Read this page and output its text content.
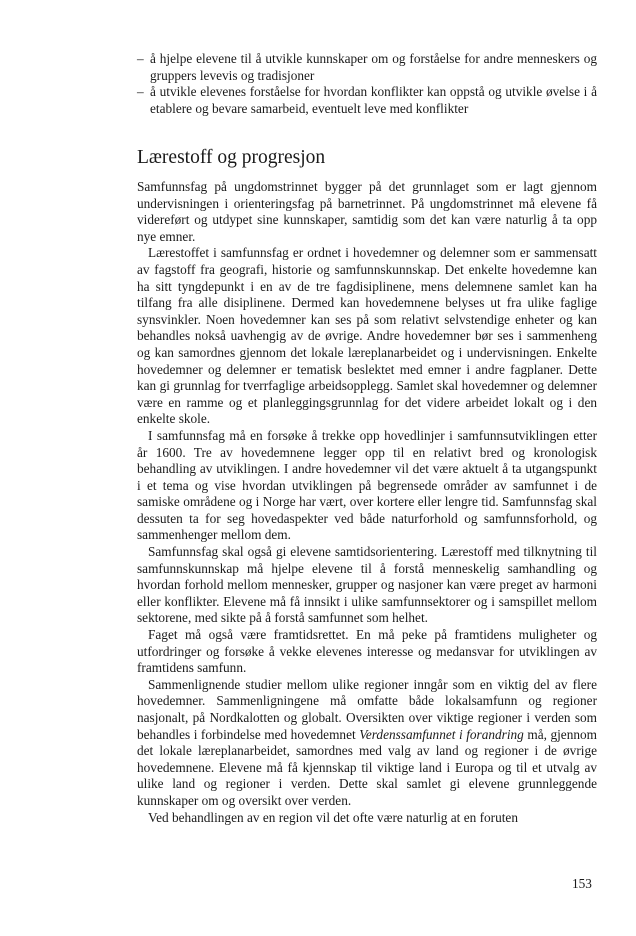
– å hjelpe elevene til å utvikle kunnskaper om og forståelse for andre menneskers og gruppers levevis og tradisjoner
– å utvikle elevenes forståelse for hvordan konflikter kan oppstå og utvikle øvelse i å etablere og bevare samarbeid, eventuelt leve med konflikter
Lærestoff og progresjon

Samfunnsfag på ungdomstrinnet bygger på det grunnlaget som er lagt gjennom undervisningen i orienteringsfag på barnetrinnet. På ungdomstrinnet må elevene få videreført og utdypet sine kunnskaper, samtidig som det kan være naturlig å ta opp nye emner.

Lærestoffet i samfunnsfag er ordnet i hovedemner og delemner som er sammensatt av fagstoff fra geografi, historie og samfunnskunnskap. Det enkelte hovedemne kan ha sitt tyngdepunkt i en av de tre fagdisiplinene, mens delemnene samlet kan ha tilfang fra alle disiplinene. Dermed kan hovedemnene belyses ut fra ulike faglige synsvinkler. Noen hovedemner kan ses på som relativt selvstendige enheter og kan behandles nokså uavhengig av de øvrige. Andre hovedemner bør ses i sammenheng og kan samordnes gjennom det lokale læreplanarbeidet og i undervisningen. Enkelte hovedemner og delemner er tematisk beslektet med emner i andre fagplaner. Dette kan gi grunnlag for tverrfaglige arbeidsopplegg. Samlet skal hovedemner og delemner være en ramme og et planleggingsgrunnlag for det videre arbeidet lokalt og i den enkelte skole.

I samfunnsfag må en forsøke å trekke opp hovedlinjer i samfunnsutviklingen etter år 1600. Tre av hovedemnene legger opp til en relativt bred og kronologisk behandling av utviklingen. I andre hovedemner vil det være aktuelt å ta utgangspunkt i et tema og vise hvordan utviklingen på begrensede områder av samfunnet i de samiske områdene og i Norge har vært, over kortere eller lengre tid. Samfunnsfag skal dessuten ta for seg hovedaspekter ved både naturforhold og samfunnsforhold, og sammenhenger mellom dem.

Samfunnsfag skal også gi elevene samtidsorientering. Lærestoff med tilknytning til samfunnskunnskap må hjelpe elevene til å forstå menneskelig samhandling og hvordan forhold mellom mennesker, grupper og nasjoner kan være preget av harmoni eller konflikter. Elevene må få innsikt i ulike samfunnsektorer og i samspillet mellom sektorene, med sikte på å forstå samfunnet som helhet.

Faget må også være framtidsrettet. En må peke på framtidens muligheter og utfordringer og forsøke å vekke elevenes interesse og medansvar for utviklingen av framtidens samfunn.

Sammenlignende studier mellom ulike regioner inngår som en viktig del av flere hovedemner. Sammenligningene må omfatte både lokalsamfunn og regioner nasjonalt, på Nordkalotten og globalt. Oversikten over viktige regioner i verden som behandles i forbindelse med hovedemnet Verdenssamfunnet i forandring må, gjennom det lokale læreplanarbeidet, samordnes med valg av land og regioner i de øvrige hovedemnene. Elevene må få kjennskap til viktige land i Europa og til et utvalg av ulike land og regioner i verden. Dette skal samlet gi elevene grunnleggende kunnskaper om og oversikt over verden.

Ved behandlingen av en region vil det ofte være naturlig at en foruten

153
